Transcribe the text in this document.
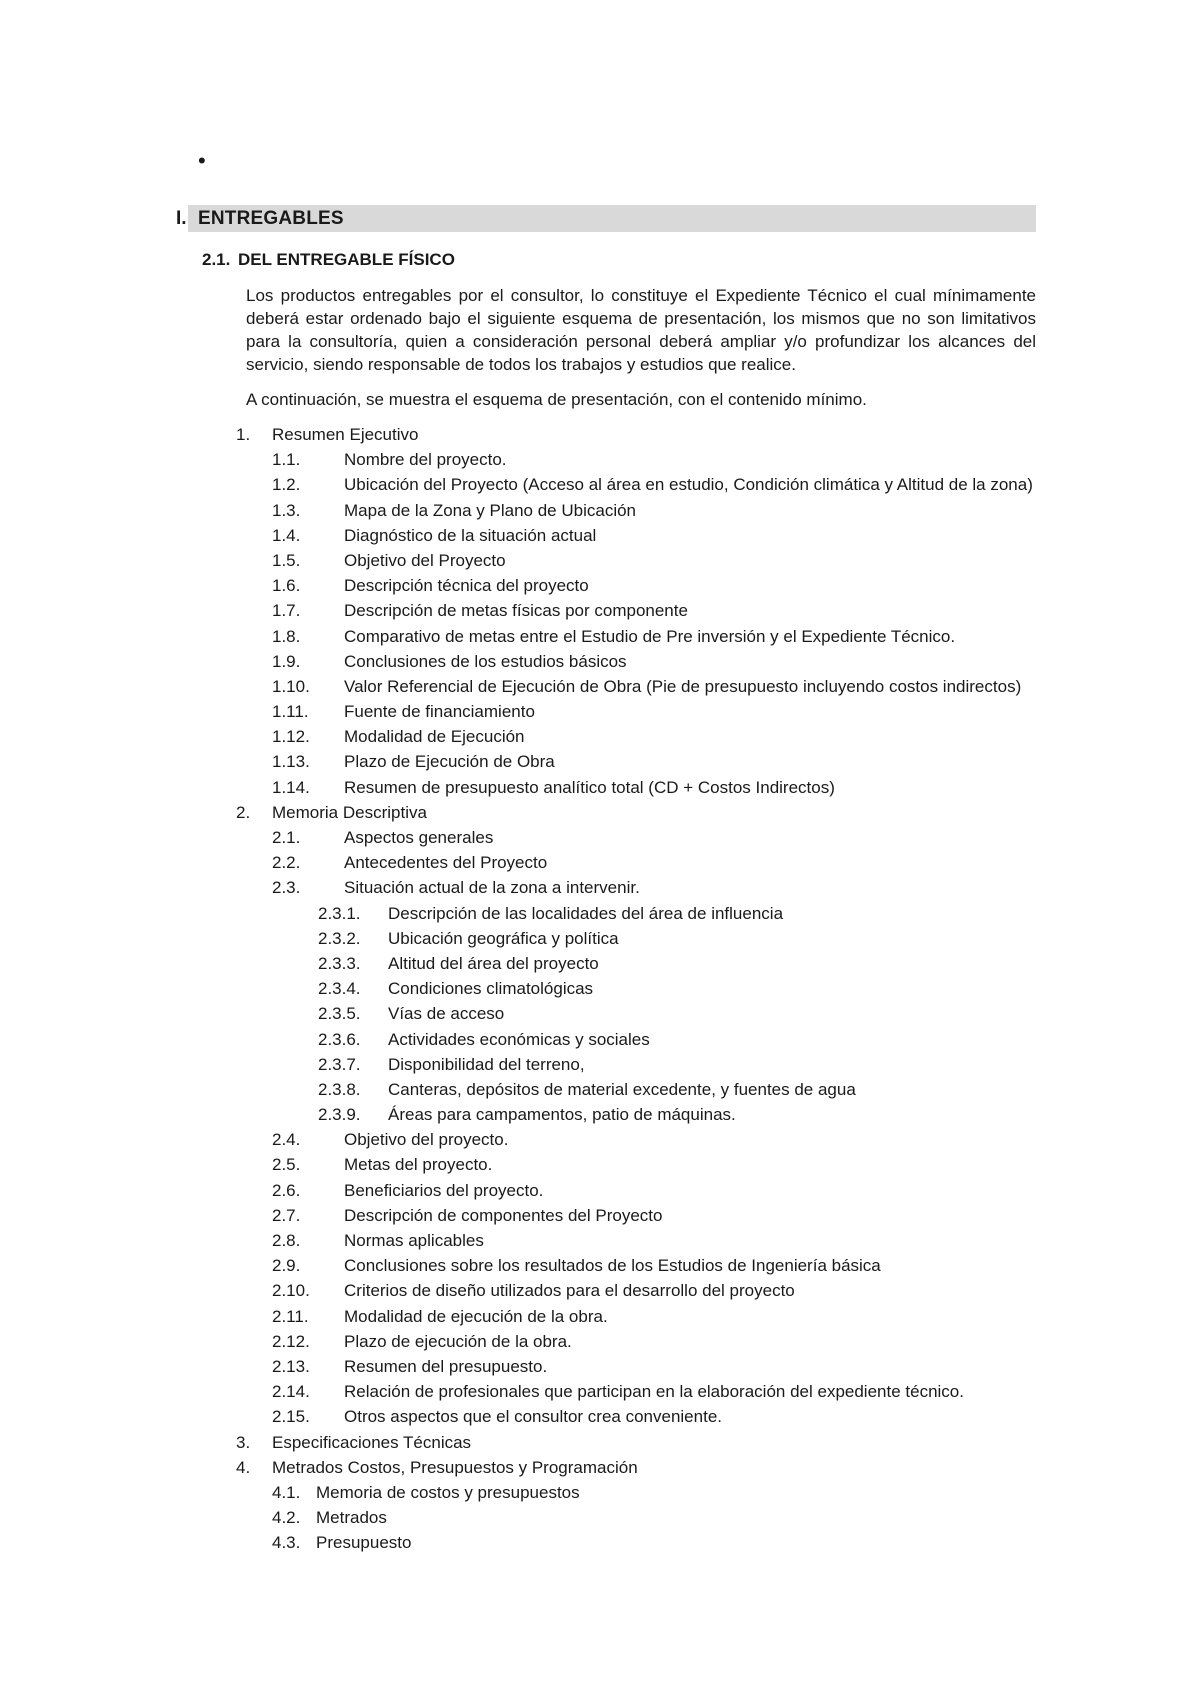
•
I. ENTREGABLES
2.1. DEL ENTREGABLE FÍSICO

Los productos entregables por el consultor, lo constituye el Expediente Técnico el cual mínimamente deberá estar ordenado bajo el siguiente esquema de presentación, los mismos que no son limitativos para la consultoría, quien a consideración personal deberá ampliar y/o profundizar los alcances del servicio, siendo responsable de todos los trabajos y estudios que realice.

A continuación, se muestra el esquema de presentación, con el contenido mínimo.

1. Resumen Ejecutivo
1.1.	Nombre del proyecto.
1.2.	Ubicación del Proyecto (Acceso al área en estudio, Condición climática y Altitud de la zona)
1.3.	Mapa de la Zona y Plano de Ubicación
1.4.	Diagnóstico de la situación actual
1.5.	Objetivo del Proyecto
1.6.	Descripción técnica del proyecto
1.7.	Descripción de metas físicas por componente
1.8.	Comparativo de metas entre el Estudio de Pre inversión y el Expediente Técnico.
1.9.	Conclusiones de los estudios básicos
1.10. Valor Referencial de Ejecución de Obra (Pie de presupuesto incluyendo costos indirectos)
1.11. Fuente de financiamiento
1.12. Modalidad de Ejecución
1.13. Plazo de Ejecución de Obra
1.14. Resumen de presupuesto analítico total (CD + Costos Indirectos)
2. Memoria Descriptiva
2.1.	Aspectos generales
2.2.	Antecedentes del Proyecto
2.3.	Situación actual de la zona a intervenir.
2.3.1. Descripción de las localidades del área de influencia
2.3.2. Ubicación geográfica y política
2.3.3. Altitud del área del proyecto
2.3.4. Condiciones climatológicas
2.3.5. Vías de acceso
2.3.6. Actividades económicas y sociales
2.3.7. Disponibilidad del terreno,
2.3.8. Canteras, depósitos de material excedente, y fuentes de agua
2.3.9. Áreas para campamentos, patio de máquinas.
2.4.	Objetivo del proyecto.
2.5.	Metas del proyecto.
2.6.	Beneficiarios del proyecto.
2.7.	Descripción de componentes del Proyecto
2.8.	Normas aplicables
2.9.	Conclusiones sobre los resultados de los Estudios de Ingeniería básica
2.10. Criterios de diseño utilizados para el desarrollo del proyecto
2.11. Modalidad de ejecución de la obra.
2.12. Plazo de ejecución de la obra.
2.13. Resumen del presupuesto.
2.14. Relación de profesionales que participan en la elaboración del expediente técnico.
2.15. Otros aspectos que el consultor crea conveniente.
3. Especificaciones Técnicas
4. Metrados Costos, Presupuestos y Programación
4.1. Memoria de costos y presupuestos
4.2. Metrados
4.3. Presupuesto
